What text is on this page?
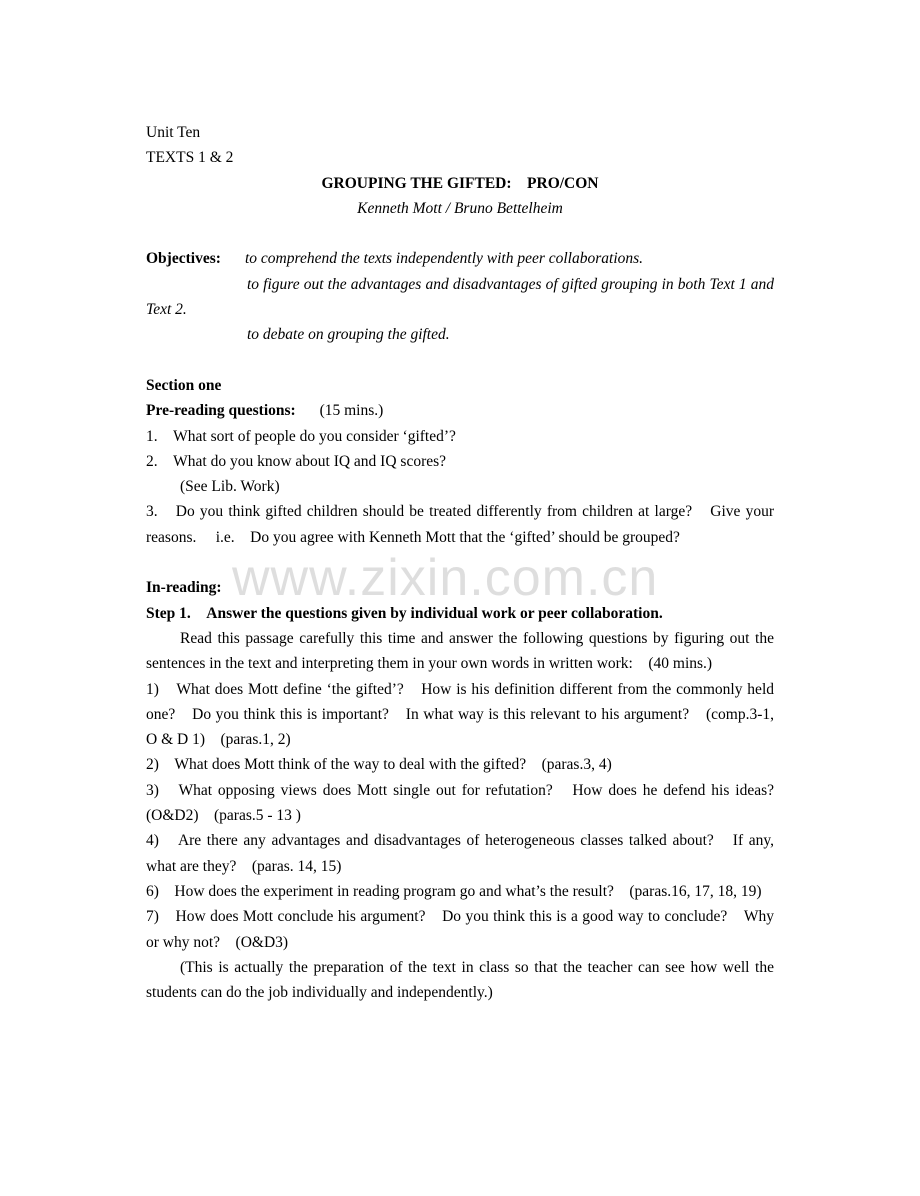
Unit Ten

TEXTS 1 & 2

GROUPING THE GIFTED:　PRO/CON

Kenneth Mott / Bruno Bettelheim

Objectives:	to comprehend the texts independently with peer collaborations.

to figure out the advantages and disadvantages of gifted grouping in both Text 1 and Text 2.

to debate on grouping the gifted.

Section one

Pre-reading questions: (15 mins.)

1.　What sort of people do you consider ‘gifted’?

2.　What do you know about IQ and IQ scores?

(See Lib. Work)

3.　Do you think gifted children should be treated differently from children at large?　Give your reasons.　 i.e.　Do you agree with Kenneth Mott that the ‘gifted’ should be grouped?

In-reading:

Step 1.　Answer the questions given by individual work or peer collaboration.

Read this passage carefully this time and answer the following questions by figuring out the sentences in the text and interpreting them in your own words in written work:　(40 mins.)

1)　What does Mott define ‘the gifted’?　How is his definition different from the commonly held one?　Do you think this is important?　In what way is this relevant to his argument?　(comp.3-1, O & D 1)　(paras.1, 2)

2)　What does Mott think of the way to deal with the gifted?　(paras.3, 4)

3)　What opposing views does Mott single out for refutation?　How does he defend his ideas?　(O&D2)　(paras.5 - 13 )

4)　Are there any advantages and disadvantages of heterogeneous classes talked about?　If any, what are they?　(paras. 14, 15)

6)　How does the experiment in reading program go and what’s the result?　(paras.16, 17, 18, 19)

7)　How does Mott conclude his argument?　Do you think this is a good way to conclude?　Why or why not?　(O&D3)

(This is actually the preparation of the text in class so that the teacher can see how well the students can do the job individually and independently.)

www.zixin.com.cn
